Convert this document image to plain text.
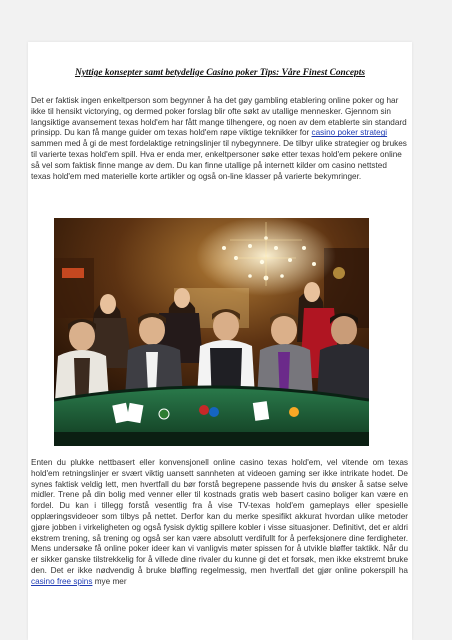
Nyttige konsepter samt betydelige Casino poker Tips: Våre Finest Concepts

Det er faktisk ingen enkeltperson som begynner å ha det gøy gambling etablering online poker og har ikke til hensikt victorying, og dermed poker forslag blir ofte søkt av utallige mennesker. Gjennom sin langsiktige avansement texas hold'em har fått mange tilhengere, og noen av dem etablerte sin standard prinsipp. Du kan få mange guider om texas hold'em røpe viktige teknikker for casino poker strategi sammen med å gi de mest fordelaktige retningslinjer til nybegynnere. De tilbyr ulike strategier og brukes til varierte texas hold'em spill. Hva er enda mer, enkeltpersoner søke etter texas hold'em pekere online så vel som faktisk finne mange av dem. Du kan finne utallige på internett kilder om casino nettsted texas hold'em med materielle korte artikler og også on-line klasser på varierte bekymringer.

Enten du plukke nettbasert eller konvensjonell online casino texas hold'em, vel vitende om texas hold'em retningslinjer er svært viktig uansett sannheten at videoen gaming ser ikke intrikate hodet. De synes faktisk veldig lett, men hvertfall du bør forstå begrepene passende hvis du ønsker å satse selve midler. Trene på din bolig med venner eller til kostnads gratis web basert casino boliger kan være en fordel. Du kan i tillegg forstå vesentlig fra å vise TV-texas hold'em gameplays eller spesielle opplæringsvideoer som tilbys på nettet. Derfor kan du merke spesifikt akkurat hvordan ulike metoder gjøre jobben i virkeligheten og også fysisk dyktig spillere kobler i visse situasjoner. Definitivt, det er aldri ekstrem trening, så trening og også ser kan være absolutt verdifullt for å perfeksjonere dine ferdigheter. Mens undersøke få online poker ideer kan vi vanligvis møter spissen for å utvikle bløffer taktikk. Når du er sikker ganske tilstrekkelig for å villede dine rivaler du kunne gi det et forsøk, men ikke ekstremt bruke den. Det er ikke nødvendig å bruke bløffing regelmessig, men hvertfall det gjør online pokerspill ha casino free spins mye mer
